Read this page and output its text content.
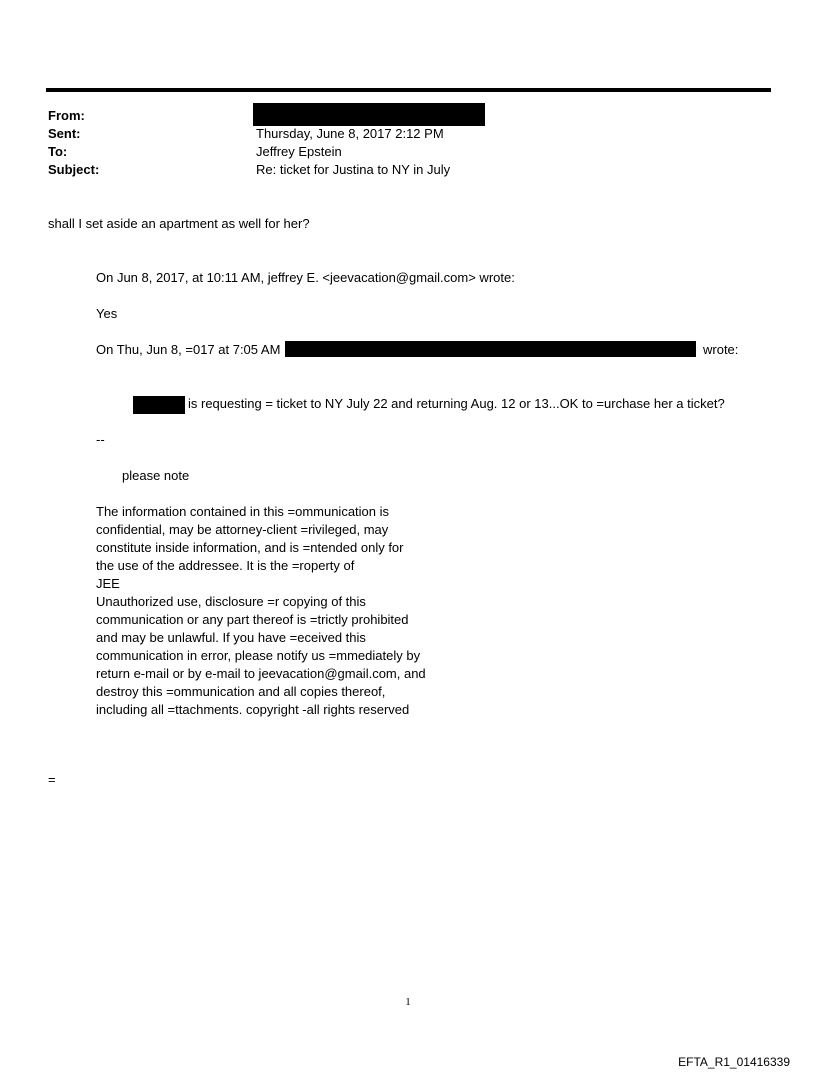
From:
Sent:	Thursday, June 8, 2017 2:12 PM
To:	Jeffrey Epstein
Subject:	Re: ticket for Justina to NY in July
shall I set aside an apartment as well for her?
On Jun 8, 2017, at 10:11 AM, jeffrey E. <jeevacation@gmail.com> wrote:
Yes
On Thu, Jun 8, =017 at 7:05 AM	wrote:
is requesting = ticket to NY July 22 and returning Aug. 12 or 13...OK to =urchase her a ticket?
--
please note
The information contained in this =ommunication is
confidential, may be attorney-client =rivileged, may
constitute inside information, and is =ntended only for
the use of the addressee. It is the =roperty of
JEE
Unauthorized use, disclosure =r copying of this
communication or any part thereof is =trictly prohibited
and may be unlawful. If you have =eceived this
communication in error, please notify us =mmediately by
return e-mail or by e-mail to jeevacation@gmail.com, and
destroy this =ommunication and all copies thereof,
including all =ttachments. copyright -all rights reserved
=
1
EFTA_R1_01416339
